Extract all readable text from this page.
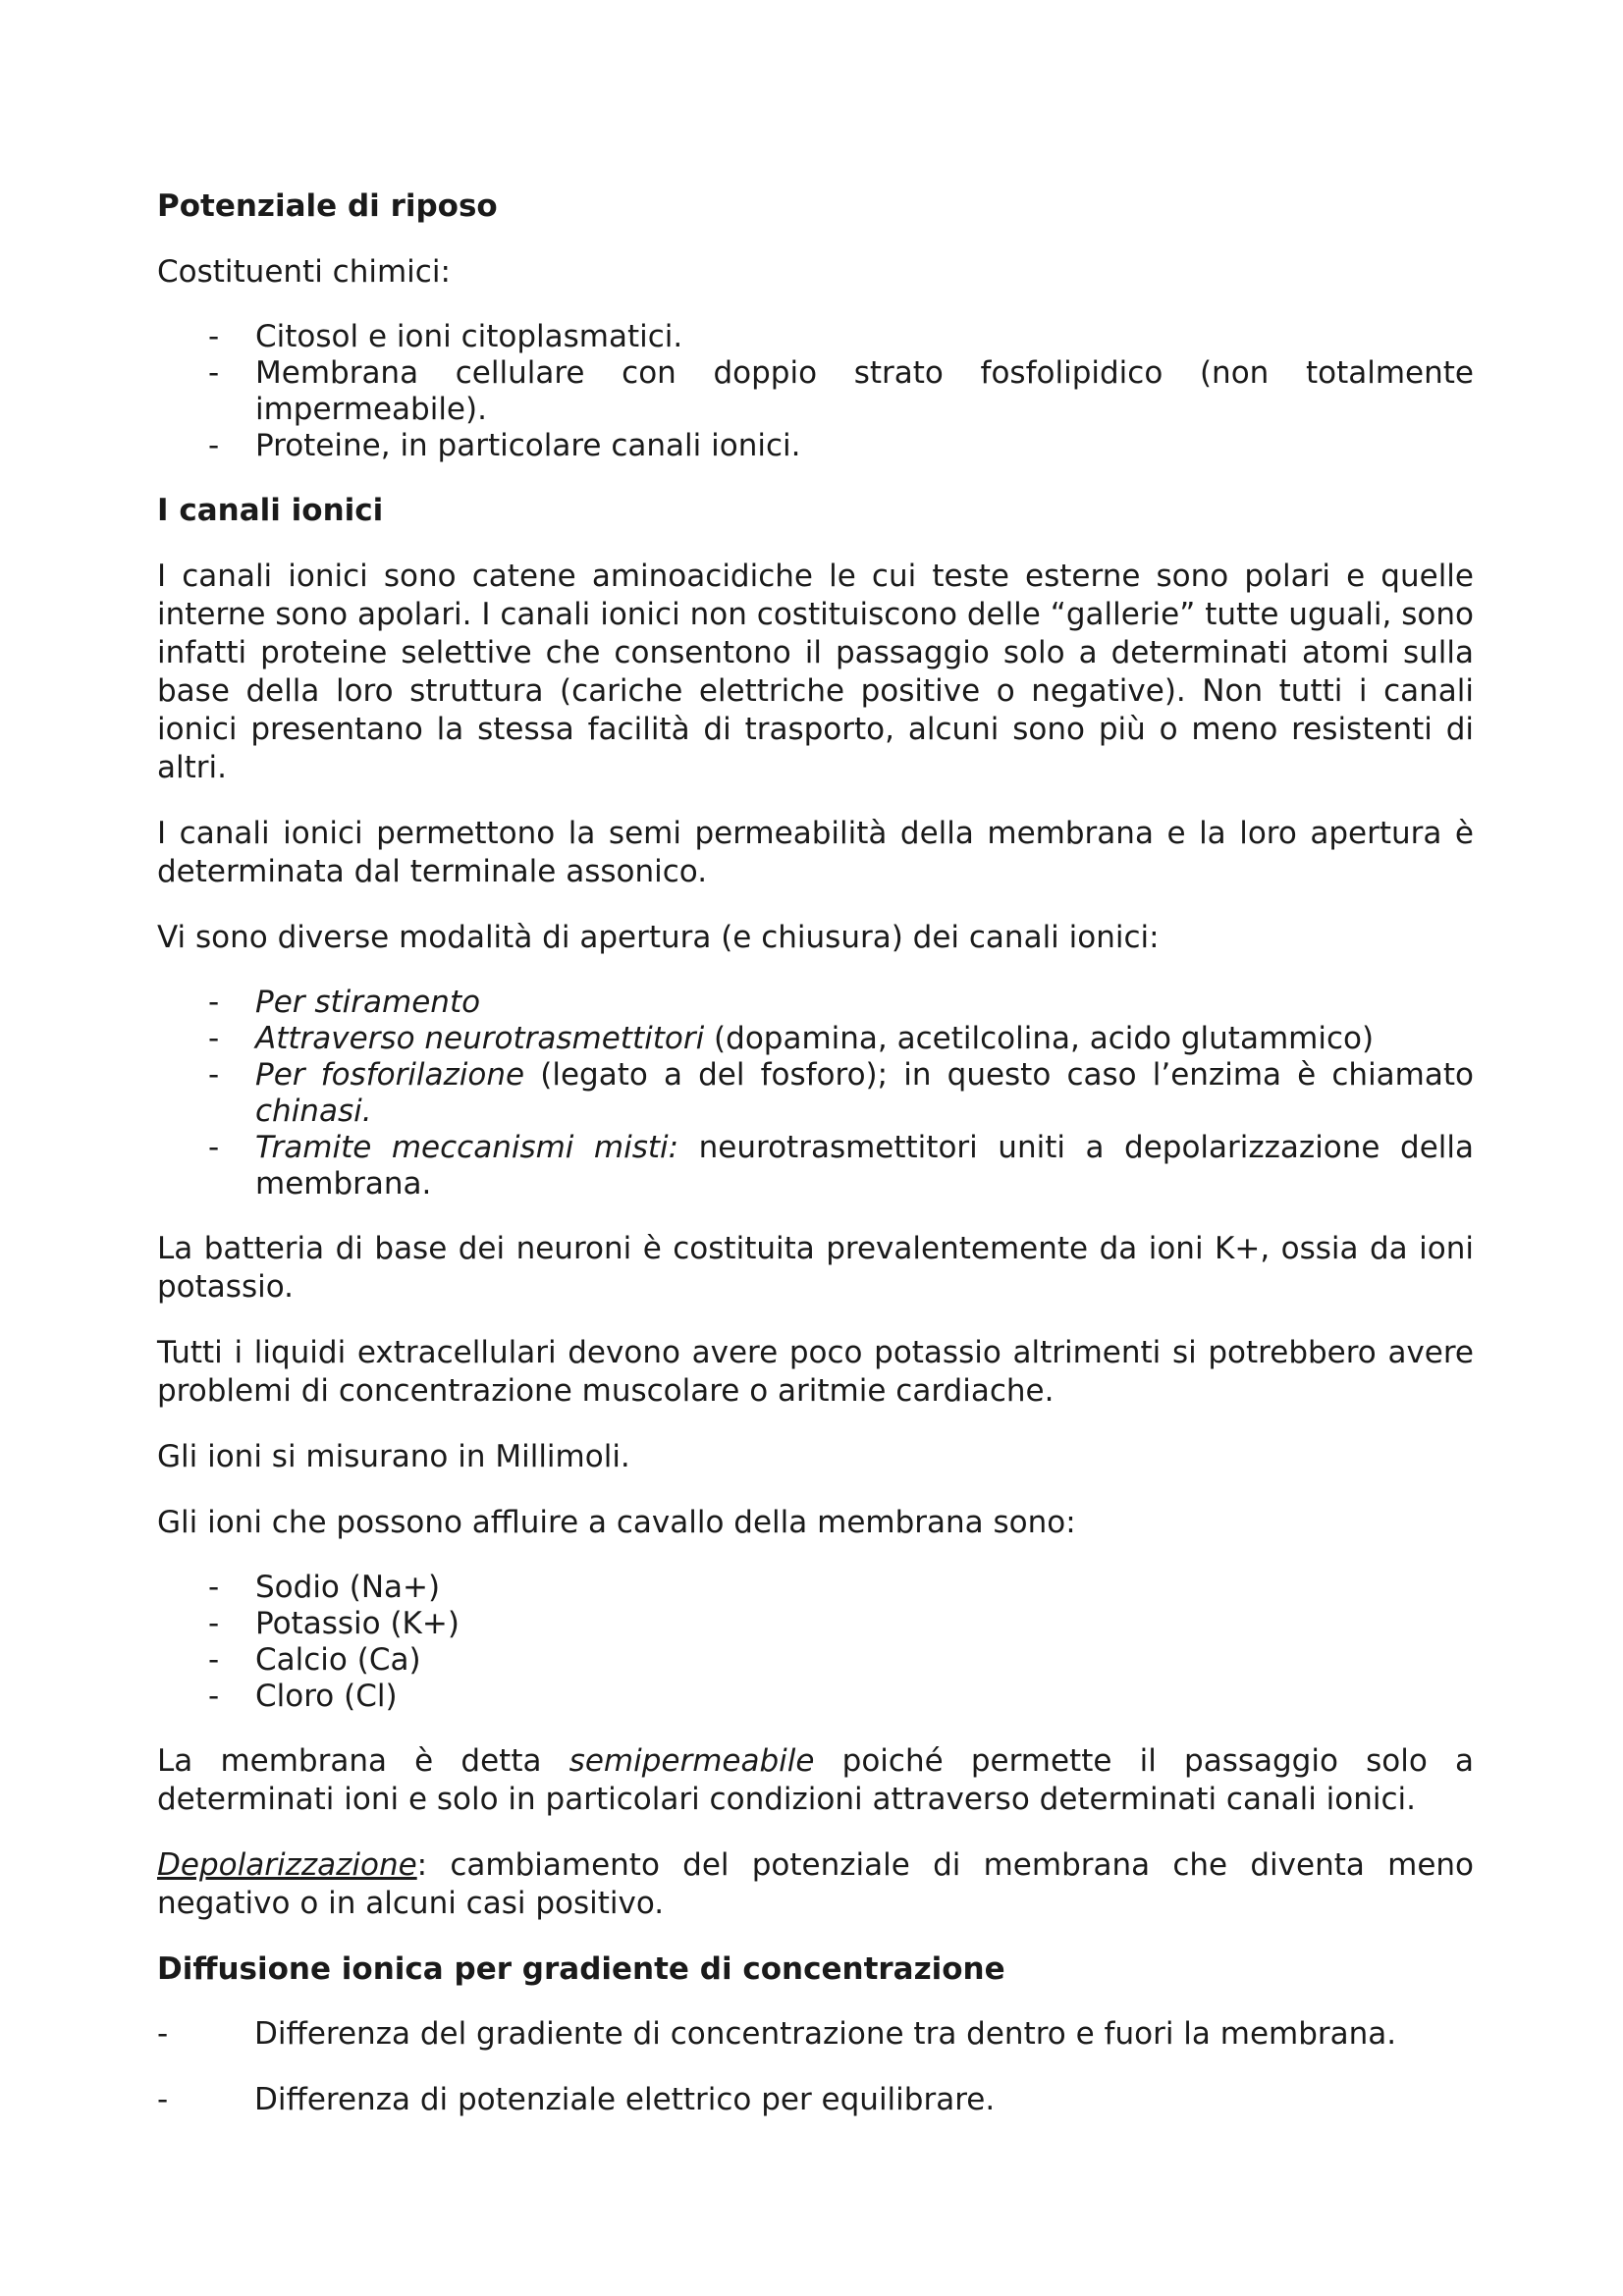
Potenziale di riposo

Costituenti chimici:

- Citosol e ioni citoplasmatici.
- Membrana cellulare con doppio strato fosfolipidico (non totalmente impermeabile).
- Proteine, in particolare canali ionici.
I canali ionici

I canali ionici sono catene aminoacidiche le cui teste esterne sono polari e quelle interne sono apolari. I canali ionici non costituiscono delle “gallerie” tutte uguali, sono infatti proteine selettive che consentono il passaggio solo a determinati atomi sulla base della loro struttura (cariche elettriche positive o negative). Non tutti i canali ionici presentano la stessa facilità di trasporto, alcuni sono più o meno resistenti di altri.

I canali ionici permettono la semi permeabilità della membrana e la loro apertura è determinata dal terminale assonico.

Vi sono diverse modalità di apertura (e chiusura) dei canali ionici:

- Per stiramento
- Attraverso neurotrasmettitori (dopamina, acetilcolina, acido glutammico)
- Per fosforilazione (legato a del fosforo); in questo caso l’enzima è chiamato chinasi.
- Tramite meccanismi misti: neurotrasmettitori uniti a depolarizzazione della membrana.

La batteria di base dei neuroni è costituita prevalentemente da ioni K+, ossia da ioni potassio.

Tutti i liquidi extracellulari devono avere poco potassio altrimenti si potrebbero avere problemi di concentrazione muscolare o aritmie cardiache.

Gli ioni si misurano in Millimoli.

Gli ioni che possono affluire a cavallo della membrana sono:

- Sodio (Na+)
- Potassio (K+)
- Calcio (Ca)
- Cloro (Cl)

La membrana è detta semipermeabile poiché permette il passaggio solo a determinati ioni e solo in particolari condizioni attraverso determinati canali ionici.

Depolarizzazione: cambiamento del potenziale di membrana che diventa meno negativo o in alcuni casi positivo.

Diffusione ionica per gradiente di concentrazione
- Differenza del gradiente di concentrazione tra dentro e fuori la membrana.
- Differenza di potenziale elettrico per equilibrare.
